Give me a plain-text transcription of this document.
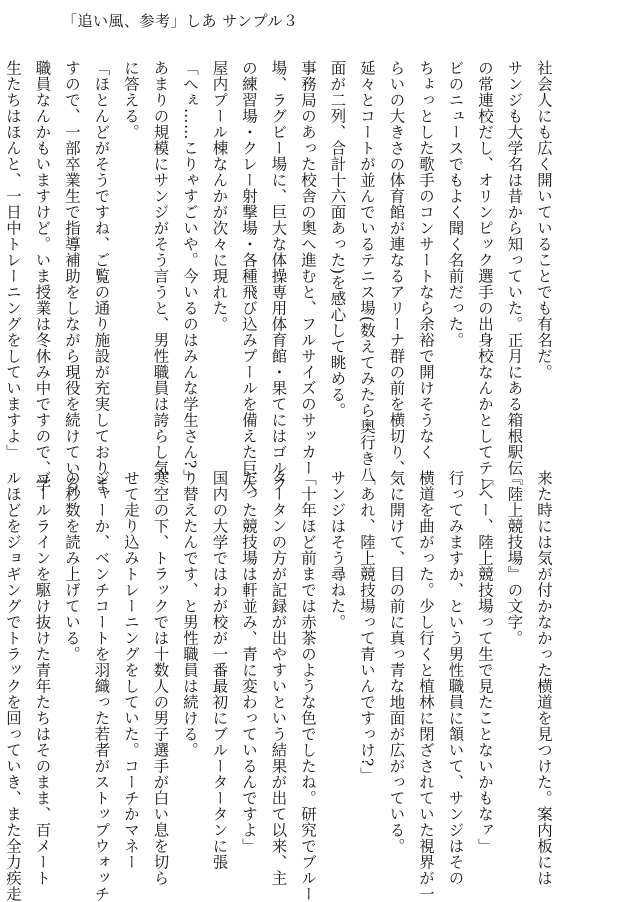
「追い風、参考」しあ サンプル３
社会人にも広く開いていることでも有名だ。
サンジも大学名は昔から知っていた。正月にある箱根駅伝
の常連校だし、オリンピック選手の出身校なんかとしてテレ
ビのニュースでもよく聞く名前だった。
ちょっとした歌手のコンサートなら余裕で開けそうなく
らいの大きさの体育館が連なるアリーナ群の前を横切り、
延々とコートが並んでいるテニス場(数えてみたら奥行き八
面が二列、合計十六面あった)を感心して眺める。
事務局のあった校舎の奥へ進むと、フルサイズのサッカー
場、ラグビー場に、巨大な体操専用体育館・果てにはゴルフ
の練習場・クレー射撃場・各種飛び込みプールを備えた巨大
屋内プール棟なんかが次々に現れた。
「へぇ……こりゃすごいや。今いるのはみんな学生さん?」
あまりの規模にサンジがそう言うと、男性職員は誇らし気
に答える。
「ほとんどがそうですね、ご覧の通り施設が充実しておりま
すので、一部卒業生で指導補助をしながら現役を続けている
職員なんかもいますけど。いま授業は冬休み中ですので、学
生たちはほんと、一日中トレーニングをしていますよ」
来た時には気が付かなかった横道を見つけた。案内板には
『陸上競技場』の文字。
「へー、陸上競技場って生で見たことないかもなァ」
行ってみますか、という男性職員に頷いて、サンジはその
横道を曲がった。少し行くと植林に閉ざされていた視界が一
気に開けて、目の前に真っ青な地面が広がっている。
「あれ、陸上競技場って青いんですっけ?」
サンジはそう尋ねた。
「十年ほど前までは赤茶のような色でしたね。研究でブルー
タータンの方が記録が出やすいという結果が出て以来、主
だった競技場は軒並み、青に変わっているんですよ」
国内の大学ではわが校が一番最初にブルータータンに張
り替えたんです、と男性職員は続ける。
寒空の下、トラックでは十数人の男子選手が白い息を切ら
せて走り込みトレーニングをしていた。コーチかマネー
ジャーか、ベンチコートを羽織った若者がストップウォッチ
の秒数を読み上げている。
ゴールラインを駆け抜けた青年たちはそのまま、百メート
ルほどをジョギングでトラックを回っていき、また全力疾走
